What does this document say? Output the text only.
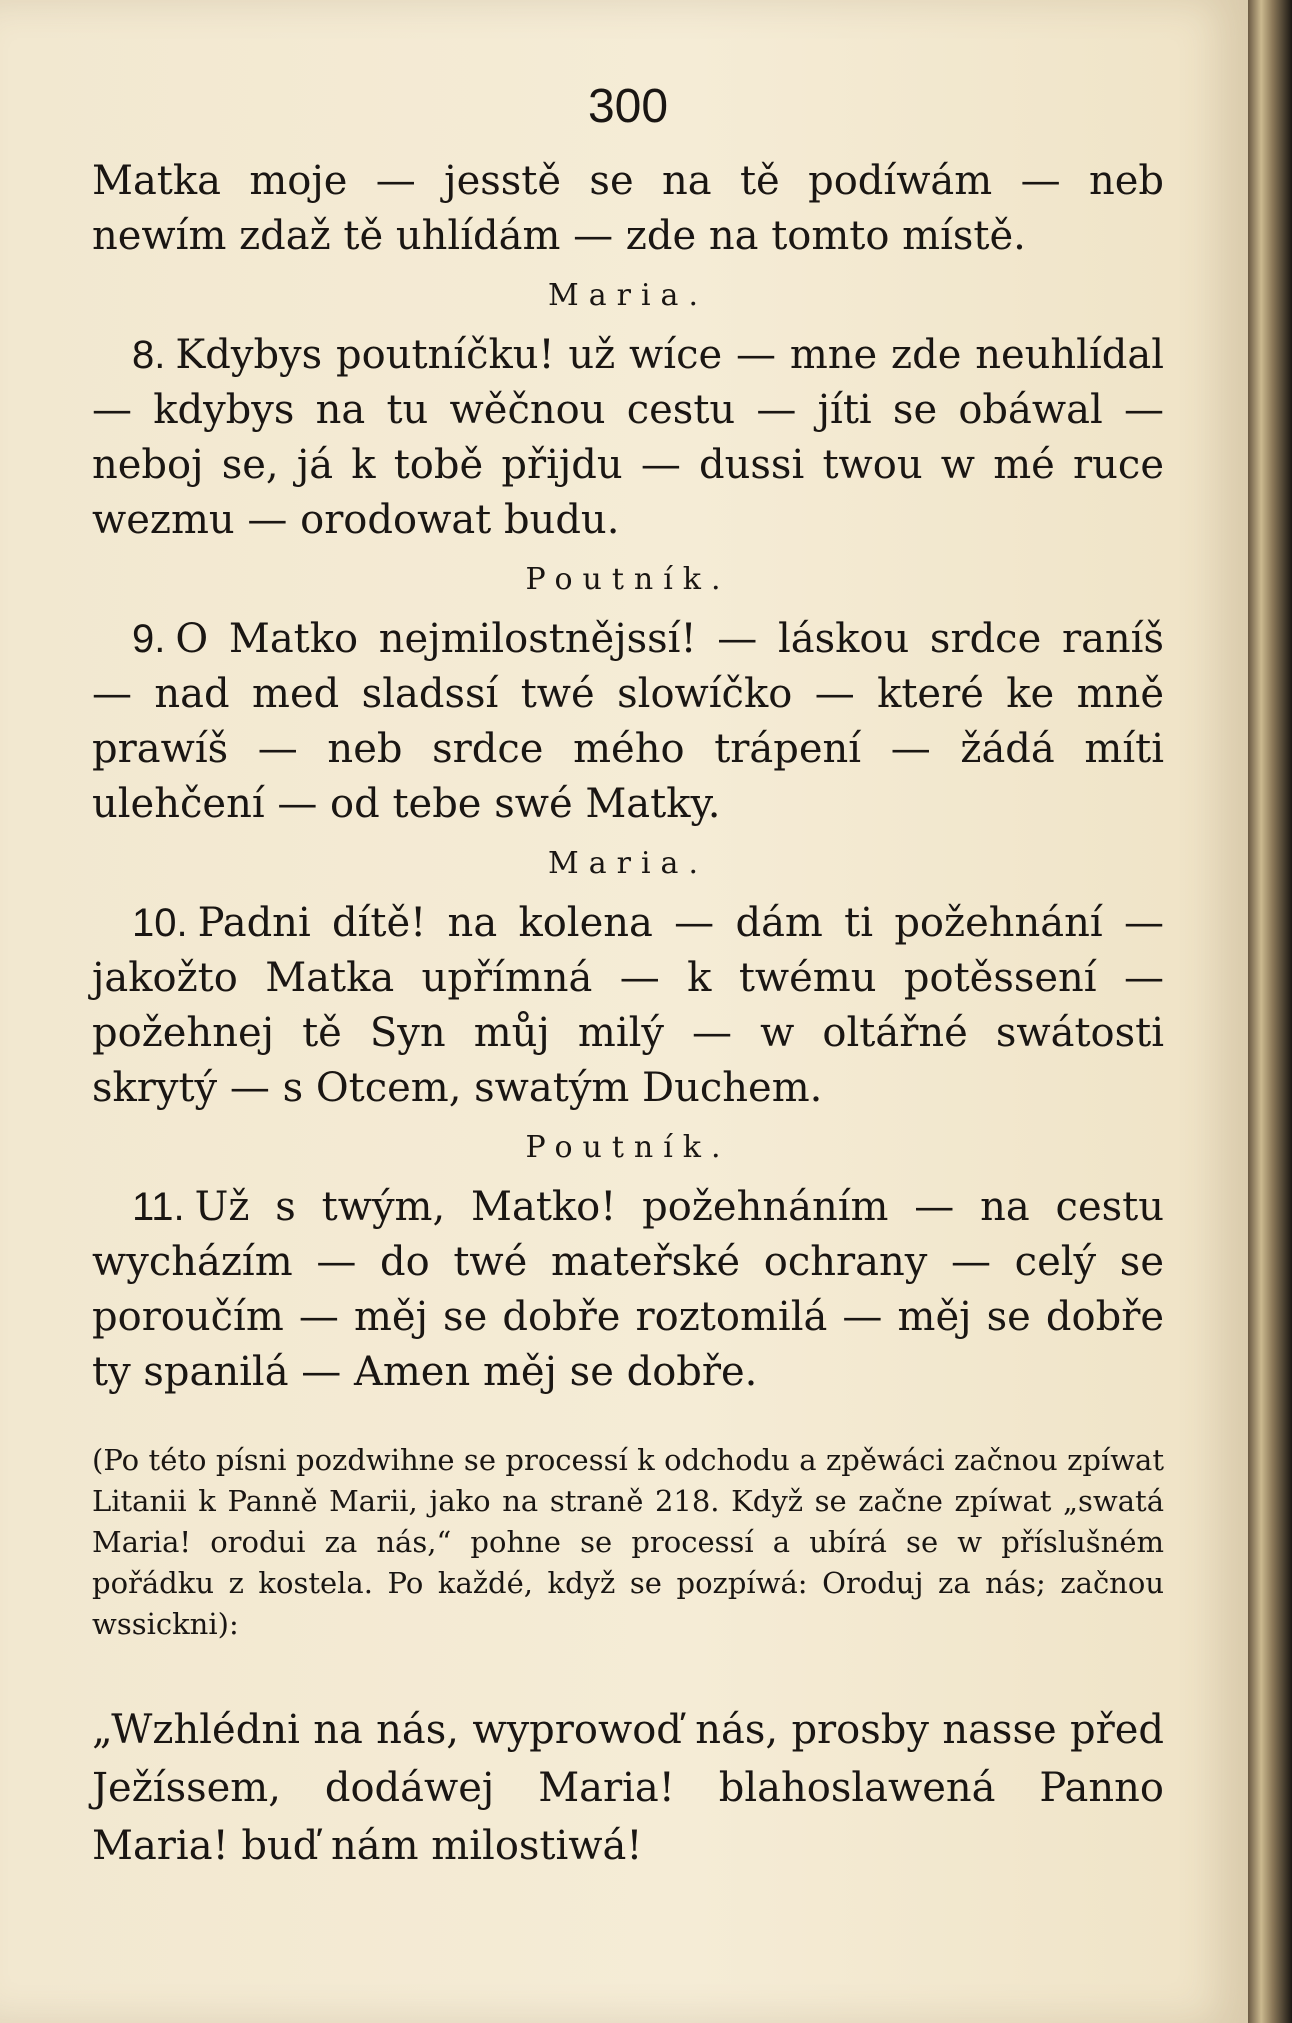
300

Matka moje — jesstě se na tě podíwám — neb newím zdaž tě uhlídám — zde na tomto místě.

Maria.

8. Kdybys poutníčku! už wíce — mne zde neuhlídal — kdybys na tu wěčnou cestu — jíti se obáwal — neboj se, já k tobě přijdu — dussi twou w mé ruce wezmu — orodowat budu.

Poutník.

9. O Matko nejmilostnějssí! — láskou srdce raníš — nad med sladssí twé slowíčko — které ke mně prawíš — neb srdce mého trápení — žádá míti ulehčení — od tebe swé Matky.

Maria.

10. Padni dítě! na kolena — dám ti požehnání — jakožto Matka upřímná — k twému potěssení — požehnej tě Syn můj milý — w oltářné swátosti skrytý — s Otcem, swatým Duchem.

Poutník.

11. Už s twým, Matko! požehnáním — na cestu wycházím — do twé mateřské ochrany — celý se poroučím — měj se dobře roztomilá — měj se dobře ty spanilá — Amen měj se dobře.

(Po této písni pozdwihne se processí k odchodu a zpěwáci začnou zpíwat Litanii k Panně Marii, jako na straně 218. Když se začne zpíwat „swatá Maria! orodui za nás,“ pohne se processí a ubírá se w příslušném pořádku z kostela. Po každé, když se pozpíwá: Oroduj za nás; začnou wssickni):

„Wzhlédni na nás, wyprowoď nás, prosby nasse před Ježíssem, dodáwej Maria! blahoslawená Panno Maria! buď nám milostiwá!
